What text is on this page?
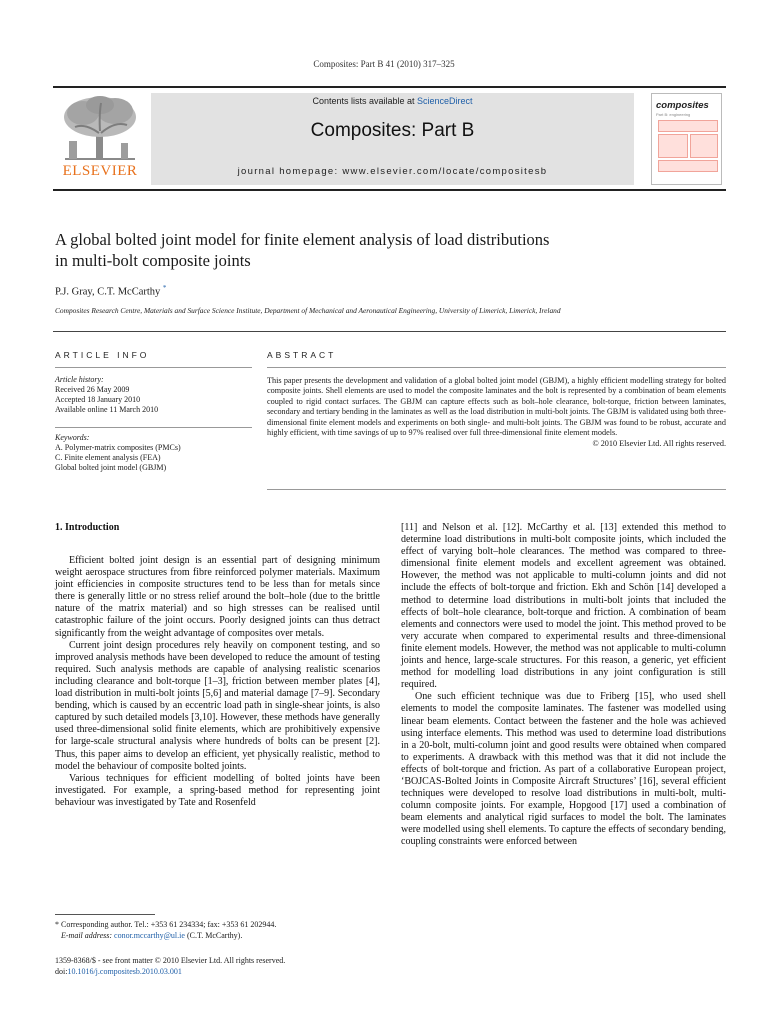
Composites: Part B 41 (2010) 317–325
ELSEVIER
Contents lists available at ScienceDirect
Composites: Part B
journal homepage: www.elsevier.com/locate/compositesb
composites
Part B: engineering
A global bolted joint model for finite element analysis of load distributions
in multi-bolt composite joints
P.J. Gray, C.T. McCarthy *
Composites Research Centre, Materials and Surface Science Institute, Department of Mechanical and Aeronautical Engineering, University of Limerick, Limerick, Ireland
ARTICLE INFO
Article history:
Received 26 May 2009
Accepted 18 January 2010
Available online 11 March 2010
Keywords:
A. Polymer-matrix composites (PMCs)
C. Finite element analysis (FEA)
Global bolted joint model (GBJM)
ABSTRACT
This paper presents the development and validation of a global bolted joint model (GBJM), a highly efficient modelling strategy for bolted composite joints. Shell elements are used to model the composite laminates and the bolt is represented by a combination of beam elements coupled to rigid contact surfaces. The GBJM can capture effects such as bolt–hole clearance, bolt-torque, friction between laminates, secondary and tertiary bending in the laminates as well as the load distribution in multi-bolt joints. The GBJM is validated using both three-dimensional finite element models and experiments on both single- and multi-bolt joints. The GBJM was found to be robust, accurate and highly efficient, with time savings of up to 97% realised over full three-dimensional finite element models.
© 2010 Elsevier Ltd. All rights reserved.
1. Introduction

Efficient bolted joint design is an essential part of designing minimum weight aerospace structures from fibre reinforced polymer materials. Maximum joint efficiencies in composite structures tend to be less than for metals since there is generally little or no stress relief around the bolt–hole (due to the brittle nature of the matrix material) and so high stresses can be realised until catastrophic failure of the joint occurs. Poorly designed joints can thus detract significantly from the weight advantage of composites over metals.

Current joint design procedures rely heavily on component testing, and so improved analysis methods have been developed to reduce the amount of testing required. Such analysis methods are capable of analysing realistic scenarios including clearance and bolt-torque [1–3], friction between member plates [4], load distribution in multi-bolt joints [5,6] and material damage [7–9]. Secondary bending, which is caused by an eccentric load path in single-shear joints, is also captured by such detailed models [3,10]. However, these methods have generally used three-dimensional solid finite elements, which are prohibitively expensive for large-scale structural analysis where hundreds of bolts can be present [2]. Thus, this paper aims to develop an efficient, yet physically realistic, method to model the behaviour of composite bolted joints.

Various techniques for efficient modelling of bolted joints have been investigated. For example, a spring-based method for representing joint behaviour was investigated by Tate and Rosenfeld

[11] and Nelson et al. [12]. McCarthy et al. [13] extended this method to determine load distributions in multi-bolt composite joints, which included the effect of varying bolt–hole clearances. The method was compared to three-dimensional finite element models and excellent agreement was obtained. However, the method was not applicable to multi-column joints and did not include the effects of bolt-torque and friction. Ekh and Schön [14] developed a method to determine load distributions in multi-bolt joints that included the effects of bolt–hole clearance, bolt-torque and friction. A combination of beam elements and connectors were used to model the joint. This method proved to be very accurate when compared to experimental results and three-dimensional finite element models. However, the method was not applicable to multi-column joints and hence, large-scale structures. For this reason, a generic, yet efficient method for modelling load distributions in any joint configuration is still required.

One such efficient technique was due to Friberg [15], who used shell elements to model the composite laminates. The fastener was modelled using linear beam elements. Contact between the fastener and the hole was achieved using interface elements. This method was used to determine load distributions in a 20-bolt, multi-column joint and good results were obtained when compared to experiments. A drawback with this method was that it did not include the effects of bolt-torque and friction. As part of a collaborative European project, ‘BOJCAS-Bolted Joints in Composite Aircraft Structures’ [16], several efficient techniques were developed to resolve load distributions in multi-bolt, multi-column composite joints. For example, Hopgood [17] used a combination of beam elements and analytical rigid surfaces to model the bolt. The laminates were modelled using shell elements. To capture the effects of secondary bending, coupling constraints were enforced between

* Corresponding author. Tel.: +353 61 234334; fax: +353 61 202944.
E-mail address: conor.mccarthy@ul.ie (C.T. McCarthy).
1359-8368/$ - see front matter © 2010 Elsevier Ltd. All rights reserved.
doi:10.1016/j.compositesb.2010.03.001
